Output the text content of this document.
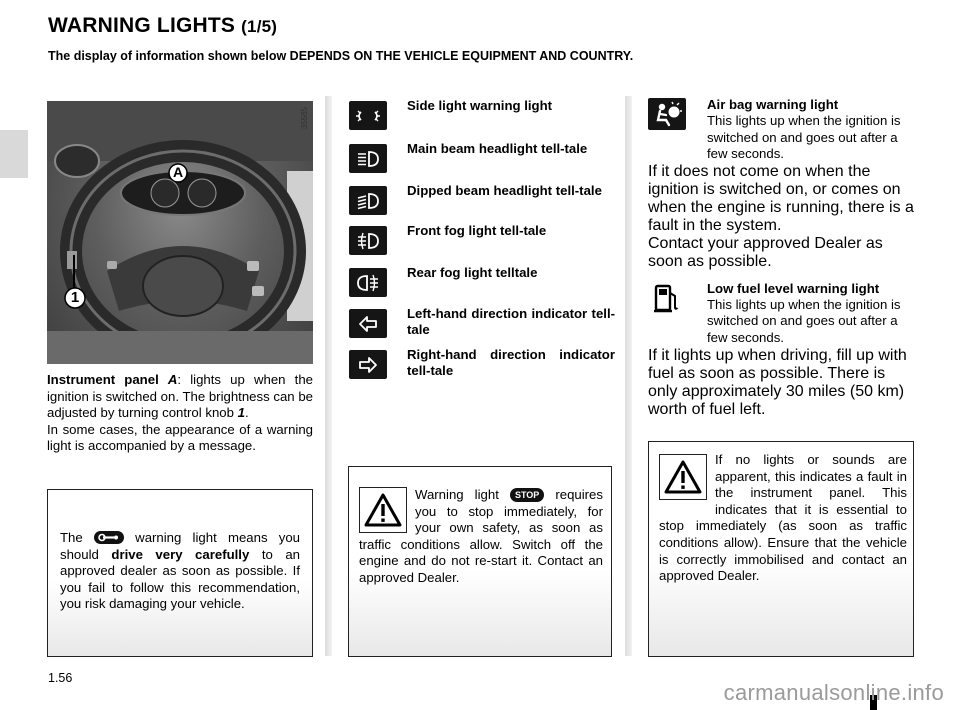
WARNING LIGHTS (1/5)
The display of information shown below DEPENDS ON THE VEHICLE EQUIPMENT AND COUNTRY.
A
1
35565
Instrument panel A: lights up when the ignition is switched on. The brightness can be adjusted by turning control knob 1.
In some cases, the appearance of a warning light is accompanied by a message.
The	warning light means you should drive very carefully to an approved dealer as soon as possible. If you fail to follow this recommendation, you risk damaging your vehicle.
Side light warning light
Main beam headlight tell-tale
Dipped beam headlight tell-tale
Front fog light tell-tale
Rear fog light telltale
Left-hand direction indicator tell-tale
Right-hand direction indicator tell-tale
Warning light STOP requires you to stop immediately, for your own safety, as soon as traffic conditions allow. Switch off the engine and do not re-start it. Contact an approved Dealer.
Air bag warning light
This lights up when the ignition is switched on and goes out after a few seconds.
If it does not come on when the ignition is switched on, or comes on when the engine is running, there is a fault in the system.
Contact your approved Dealer as soon as possible.
Low fuel level warning light
This lights up when the ignition is switched on and goes out after a few seconds.
If it lights up when driving, fill up with fuel as soon as possible. There is only approximately 30 miles (50 km) worth of fuel left.
If no lights or sounds are apparent, this indicates a fault in the instrument panel. This indicates that it is essential to stop immediately (as soon as traffic conditions allow). Ensure that the vehicle is correctly immobilised and contact an approved Dealer.
1.56
carmanualsonline.info
